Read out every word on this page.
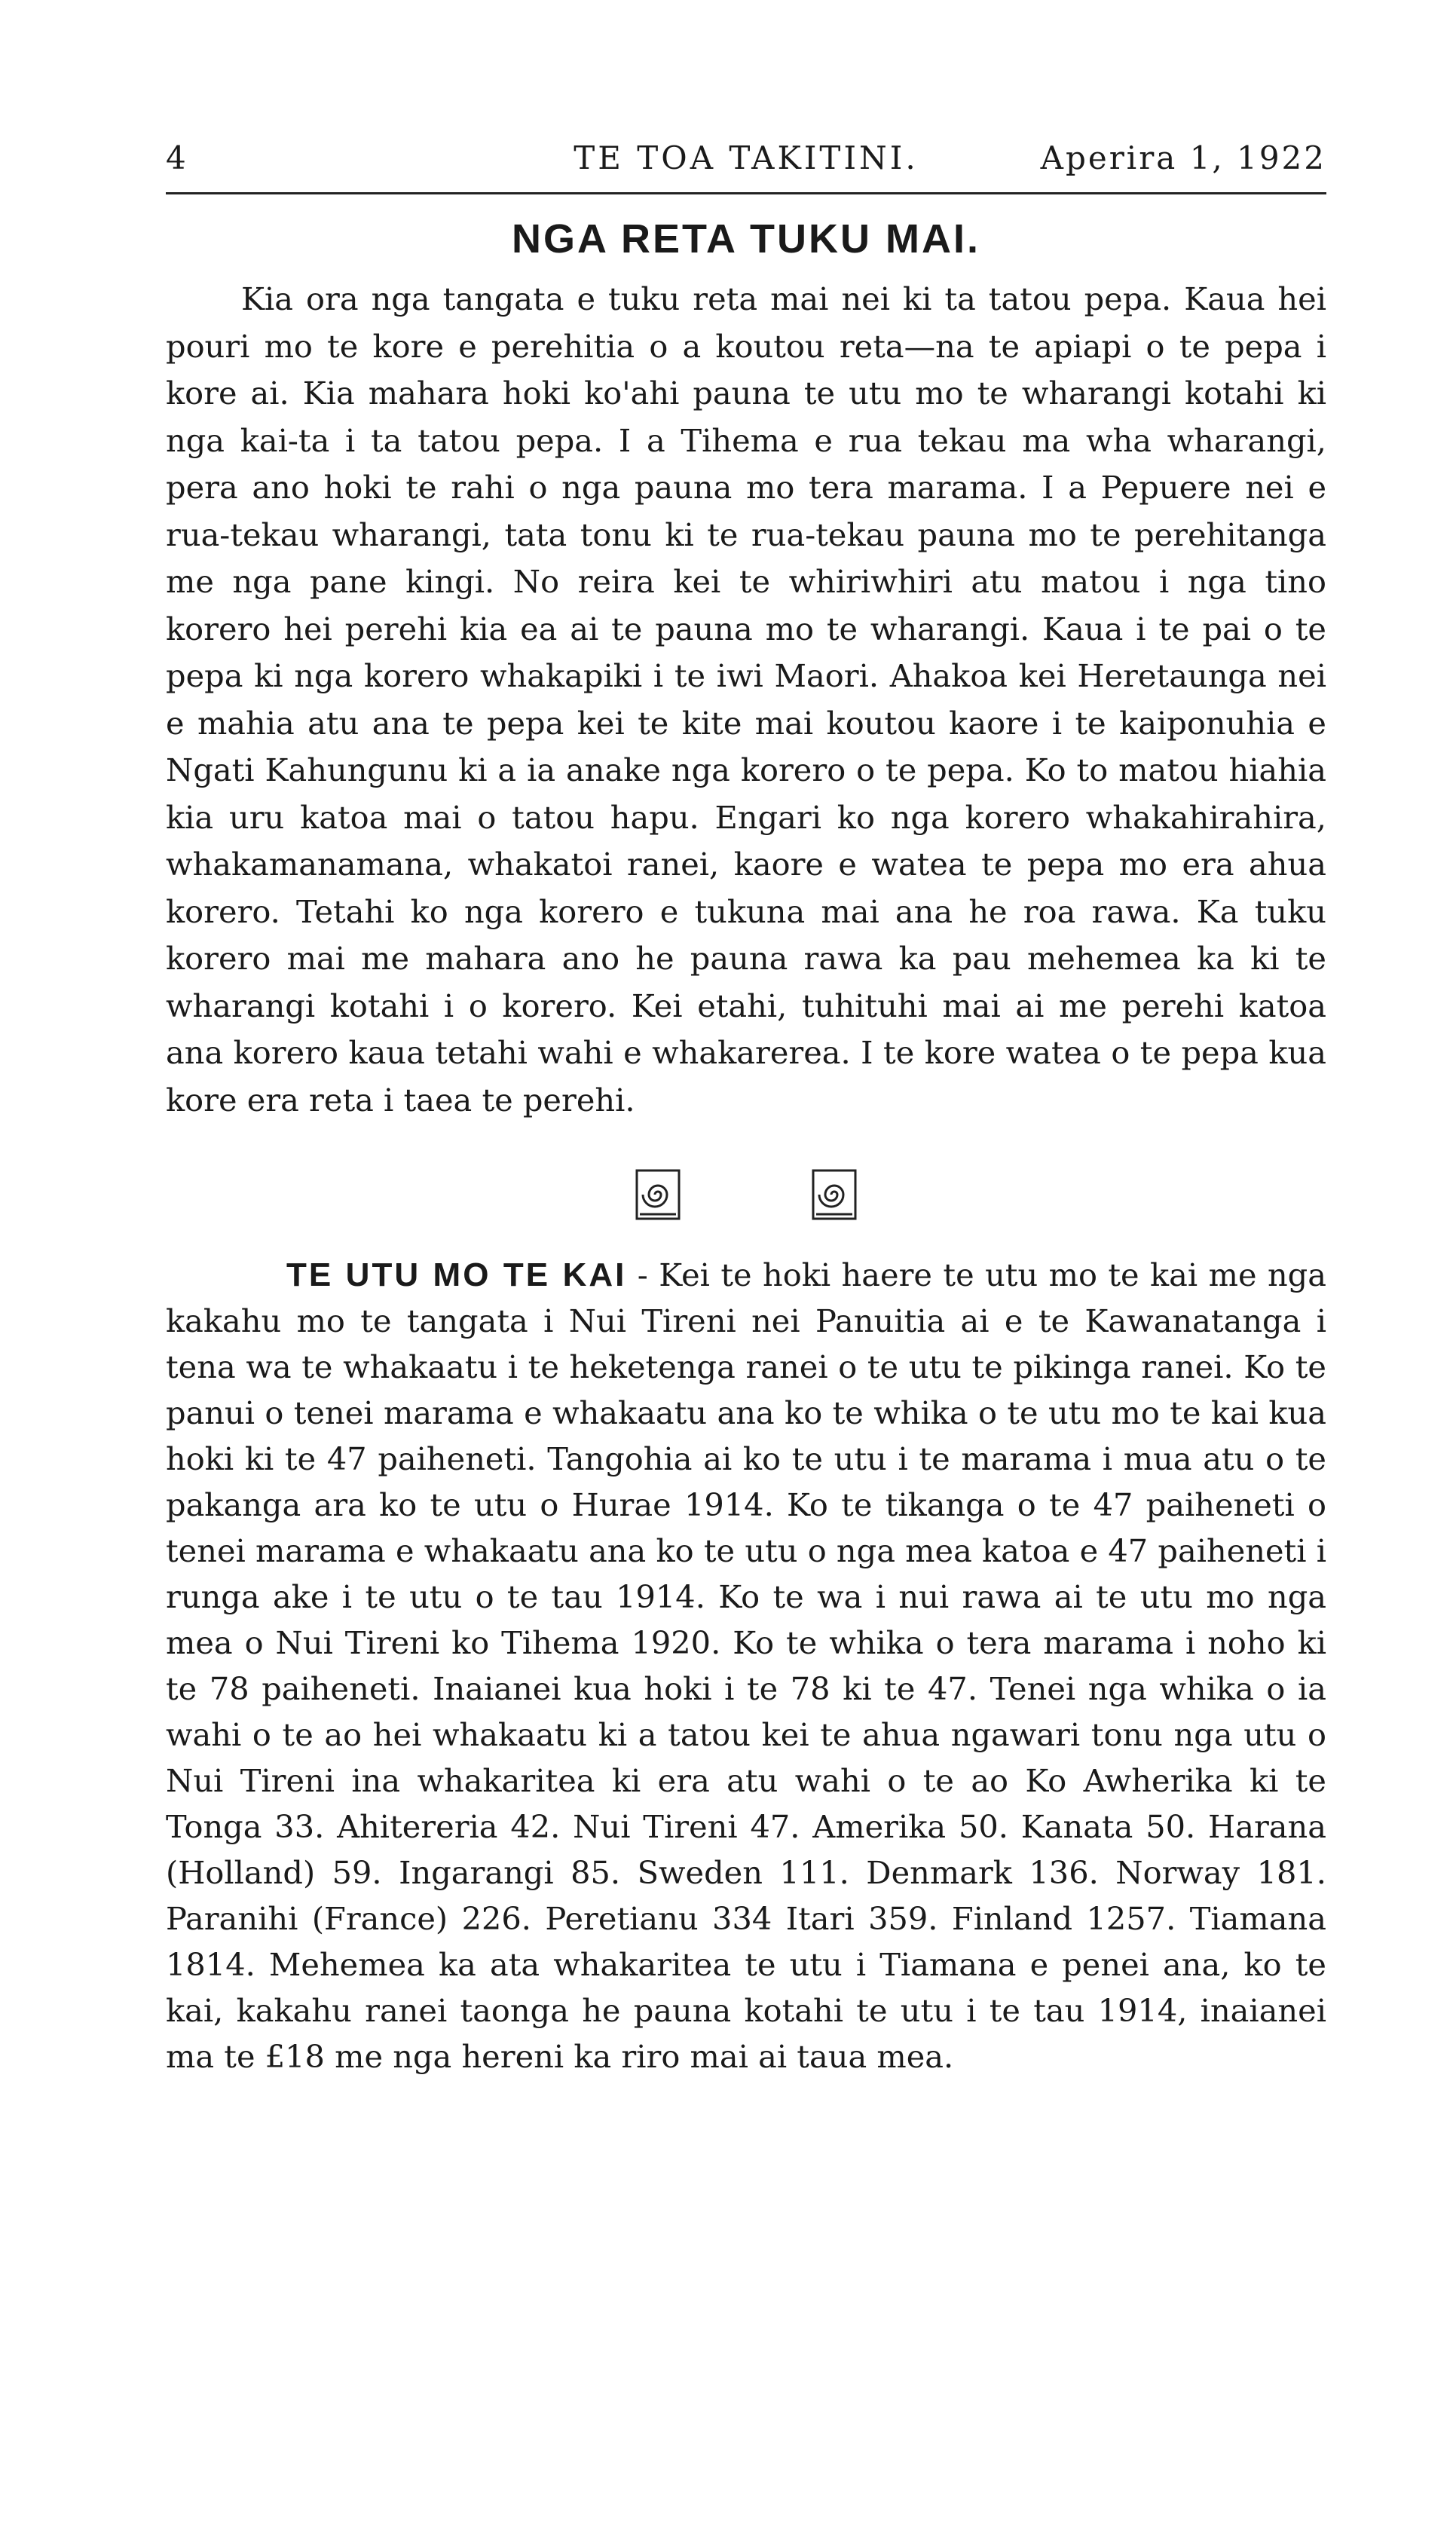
4	TE TOA TAKITINI.	Aperira 1, 1922
NGA RETA TUKU MAI.

Kia ora nga tangata e tuku reta mai nei ki ta tatou pepa. Kaua hei pouri mo te kore e perehitia o a koutou reta—na te apiapi o te pepa i kore ai. Kia mahara hoki ko'ahi pauna te utu mo te wharangi kotahi ki nga kai-ta i ta tatou pepa. I a Tihema e rua tekau ma wha wharangi, pera ano hoki te rahi o nga pauna mo tera marama. I a Pepuere nei e rua-tekau wharangi, tata tonu ki te rua-tekau pauna mo te perehitanga me nga pane kingi. No reira kei te whiriwhiri atu matou i nga tino korero hei perehi kia ea ai te pauna mo te wharangi. Kaua i te pai o te pepa ki nga korero whakapiki i te iwi Maori. Ahakoa kei Heretaunga nei e mahia atu ana te pepa kei te kite mai koutou kaore i te kaiponuhia e Ngati Kahungunu ki a ia anake nga korero o te pepa. Ko to matou hiahia kia uru katoa mai o tatou hapu. Engari ko nga korero whakahirahira, whakamanamana, whakatoi ranei, kaore e watea te pepa mo era ahua korero. Tetahi ko nga korero e tukuna mai ana he roa rawa. Ka tuku korero mai me mahara ano he pauna rawa ka pau mehemea ka ki te wharangi kotahi i o korero. Kei etahi, tuhituhi mai ai me perehi katoa ana korero kaua tetahi wahi e whakarerea. I te kore watea o te pepa kua kore era reta i taea te perehi.

TE UTU MO TE KAI - Kei te hoki haere te utu mo te kai me nga kakahu mo te tangata i Nui Tireni nei Panuitia ai e te Kawanatanga i tena wa te whakaatu i te heketenga ranei o te utu te pikinga ranei. Ko te panui o tenei marama e whakaatu ana ko te whika o te utu mo te kai kua hoki ki te 47 paiheneti. Tangohia ai ko te utu i te marama i mua atu o te pakanga ara ko te utu o Hurae 1914. Ko te tikanga o te 47 paiheneti o tenei marama e whakaatu ana ko te utu o nga mea katoa e 47 paiheneti i runga ake i te utu o te tau 1914. Ko te wa i nui rawa ai te utu mo nga mea o Nui Tireni ko Tihema 1920. Ko te whika o tera marama i noho ki te 78 paiheneti. Inaianei kua hoki i te 78 ki te 47. Tenei nga whika o ia wahi o te ao hei whakaatu ki a tatou kei te ahua ngawari tonu nga utu o Nui Tireni ina whakaritea ki era atu wahi o te ao Ko Awherika ki te Tonga 33. Ahitereria 42. Nui Tireni 47. Amerika 50. Kanata 50. Harana (Holland) 59. Ingarangi 85. Sweden 111. Denmark 136. Norway 181. Paranihi (France) 226. Peretianu 334 Itari 359. Finland 1257. Tiamana 1814. Mehemea ka ata whakaritea te utu i Tiamana e penei ana, ko te kai, kakahu ranei taonga he pauna kotahi te utu i te tau 1914, inaianei ma te £18 me nga hereni ka riro mai ai taua mea.
